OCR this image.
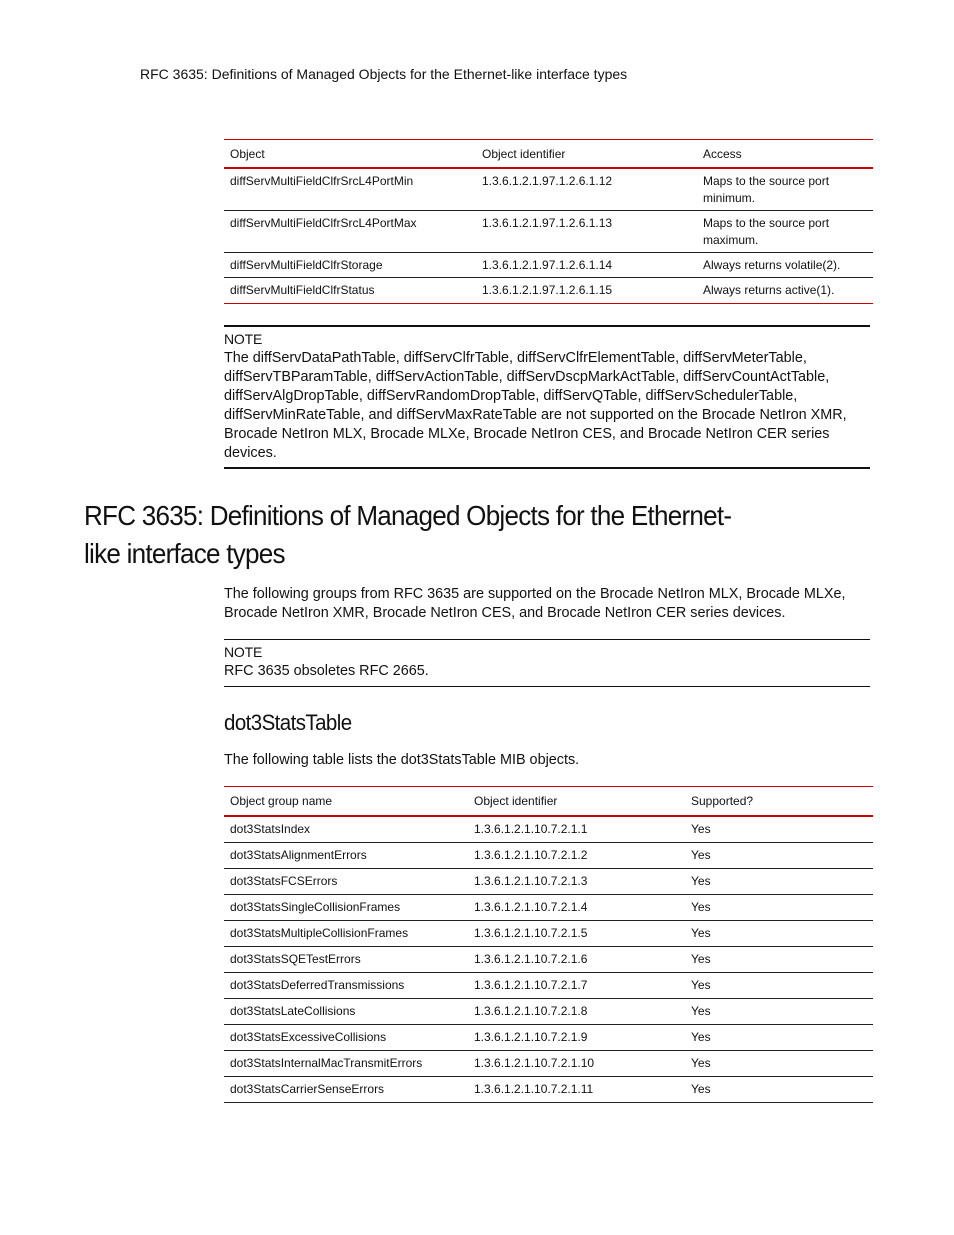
RFC 3635: Definitions of Managed Objects for the Ethernet-like interface types
Object	Object identifier	Access
diffServMultiFieldClfrSrcL4PortMin	1.3.6.1.2.1.97.1.2.6.1.12	Maps to the source port minimum.
diffServMultiFieldClfrSrcL4PortMax	1.3.6.1.2.1.97.1.2.6.1.13	Maps to the source port maximum.
diffServMultiFieldClfrStorage	1.3.6.1.2.1.97.1.2.6.1.14	Always returns volatile(2).
diffServMultiFieldClfrStatus	1.3.6.1.2.1.97.1.2.6.1.15	Always returns active(1).
NOTE
The diffServDataPathTable, diffServClfrTable, diffServClfrElementTable, diffServMeterTable, diffServTBParamTable, diffServActionTable, diffServDscpMarkActTable, diffServCountActTable, diffServAlgDropTable, diffServRandomDropTable, diffServQTable, diffServSchedulerTable, diffServMinRateTable, and diffServMaxRateTable are not supported on the Brocade NetIron XMR, Brocade NetIron MLX, Brocade MLXe, Brocade NetIron CES, and Brocade NetIron CER series devices.
RFC 3635: Definitions of Managed Objects for the Ethernet-like interface types

The following groups from RFC 3635 are supported on the Brocade NetIron MLX, Brocade MLXe, Brocade NetIron XMR, Brocade NetIron CES, and Brocade NetIron CER series devices.

NOTE
RFC 3635 obsoletes RFC 2665.
dot3StatsTable

The following table lists the dot3StatsTable MIB objects.

Object group name	Object identifier	Supported?
dot3StatsIndex	1.3.6.1.2.1.10.7.2.1.1	Yes
dot3StatsAlignmentErrors	1.3.6.1.2.1.10.7.2.1.2	Yes
dot3StatsFCSErrors	1.3.6.1.2.1.10.7.2.1.3	Yes
dot3StatsSingleCollisionFrames	1.3.6.1.2.1.10.7.2.1.4	Yes
dot3StatsMultipleCollisionFrames	1.3.6.1.2.1.10.7.2.1.5	Yes
dot3StatsSQETestErrors	1.3.6.1.2.1.10.7.2.1.6	Yes
dot3StatsDeferredTransmissions	1.3.6.1.2.1.10.7.2.1.7	Yes
dot3StatsLateCollisions	1.3.6.1.2.1.10.7.2.1.8	Yes
dot3StatsExcessiveCollisions	1.3.6.1.2.1.10.7.2.1.9	Yes
dot3StatsInternalMacTransmitErrors	1.3.6.1.2.1.10.7.2.1.10	Yes
dot3StatsCarrierSenseErrors	1.3.6.1.2.1.10.7.2.1.11	Yes
